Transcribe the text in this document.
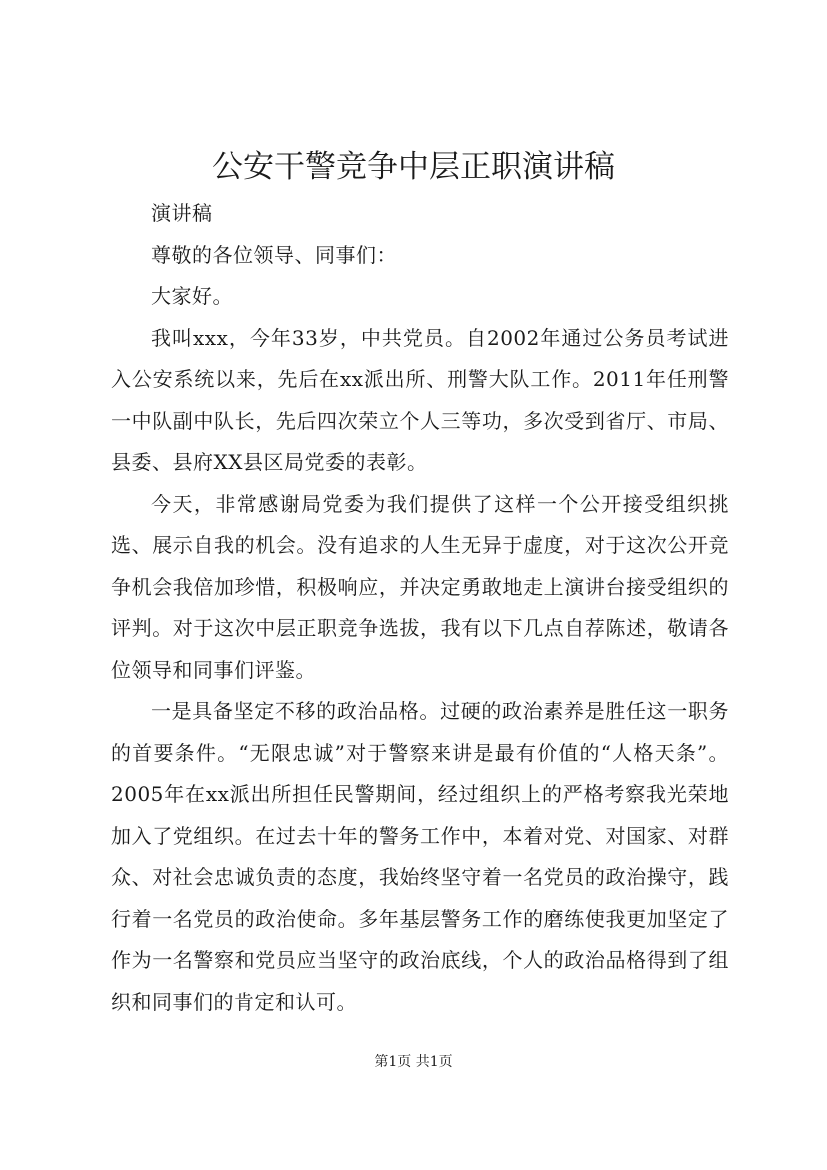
公安干警竞争中层正职演讲稿

演讲稿

尊敬的各位领导、同事们：

大家好。

我叫xxx，今年33岁，中共党员。自2002年通过公务员考试进入公安系统以来，先后在xx派出所、刑警大队工作。2011年任刑警一中队副中队长，先后四次荣立个人三等功，多次受到省厅、市局、县委、县府XX县区局党委的表彰。

今天，非常感谢局党委为我们提供了这样一个公开接受组织挑选、展示自我的机会。没有追求的人生无异于虚度，对于这次公开竞争机会我倍加珍惜，积极响应，并决定勇敢地走上演讲台接受组织的评判。对于这次中层正职竞争选拔，我有以下几点自荐陈述，敬请各位领导和同事们评鉴。

一是具备坚定不移的政治品格。过硬的政治素养是胜任这一职务的首要条件。“无限忠诚”对于警察来讲是最有价值的“人格天条”。2005年在xx派出所担任民警期间，经过组织上的严格考察我光荣地加入了党组织。在过去十年的警务工作中，本着对党、对国家、对群众、对社会忠诚负责的态度，我始终坚守着一名党员的政治操守，践行着一名党员的政治使命。多年基层警务工作的磨练使我更加坚定了作为一名警察和党员应当坚守的政治底线，个人的政治品格得到了组织和同事们的肯定和认可。

第1页 共1页
